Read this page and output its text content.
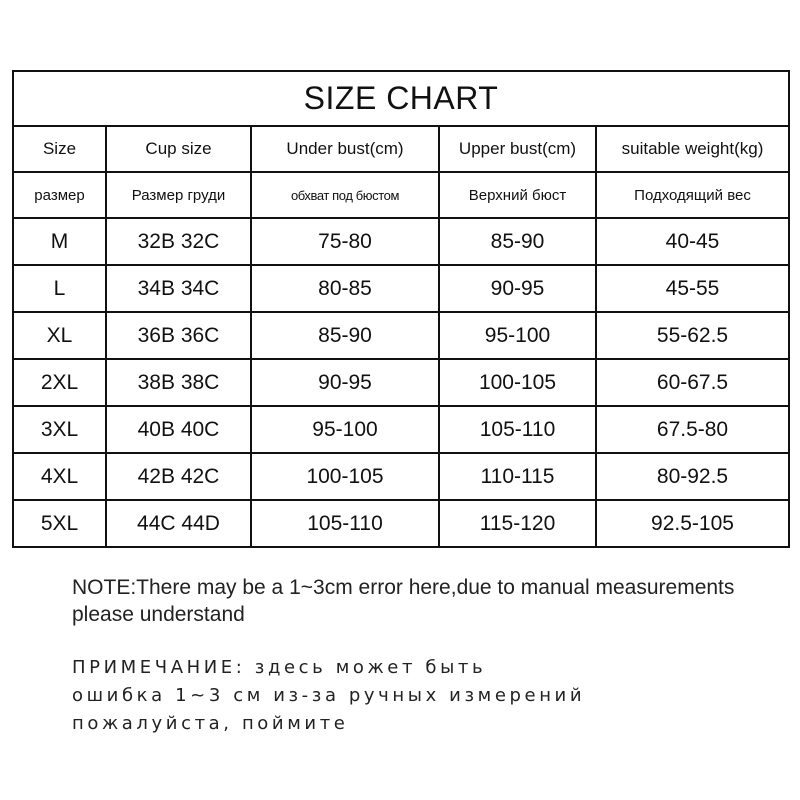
SIZE CHART				
Size	Cup size	Under bust(cm)	Upper bust(cm)	suitable weight(kg)
размер	Размер груди	обхват под бюстом	Верхний бюст	Подходящий вес
M	32B 32C	75-80	85-90	40-45
L	34B 34C	80-85	90-95	45-55
XL	36B 36C	85-90	95-100	55-62.5
2XL	38B 38C	90-95	100-105	60-67.5
3XL	40B 40C	95-100	105-110	67.5-80
4XL	42B 42C	100-105	110-115	80-92.5
5XL	44C 44D	105-110	115-120	92.5-105

NOTE:There may be a 1~3cm error here,due to manual measurements please understand

ПРИМЕЧАНИЕ: здесь может быть
ошибка 1~3 см из-за ручных измерений
пожалуйста, поймите
